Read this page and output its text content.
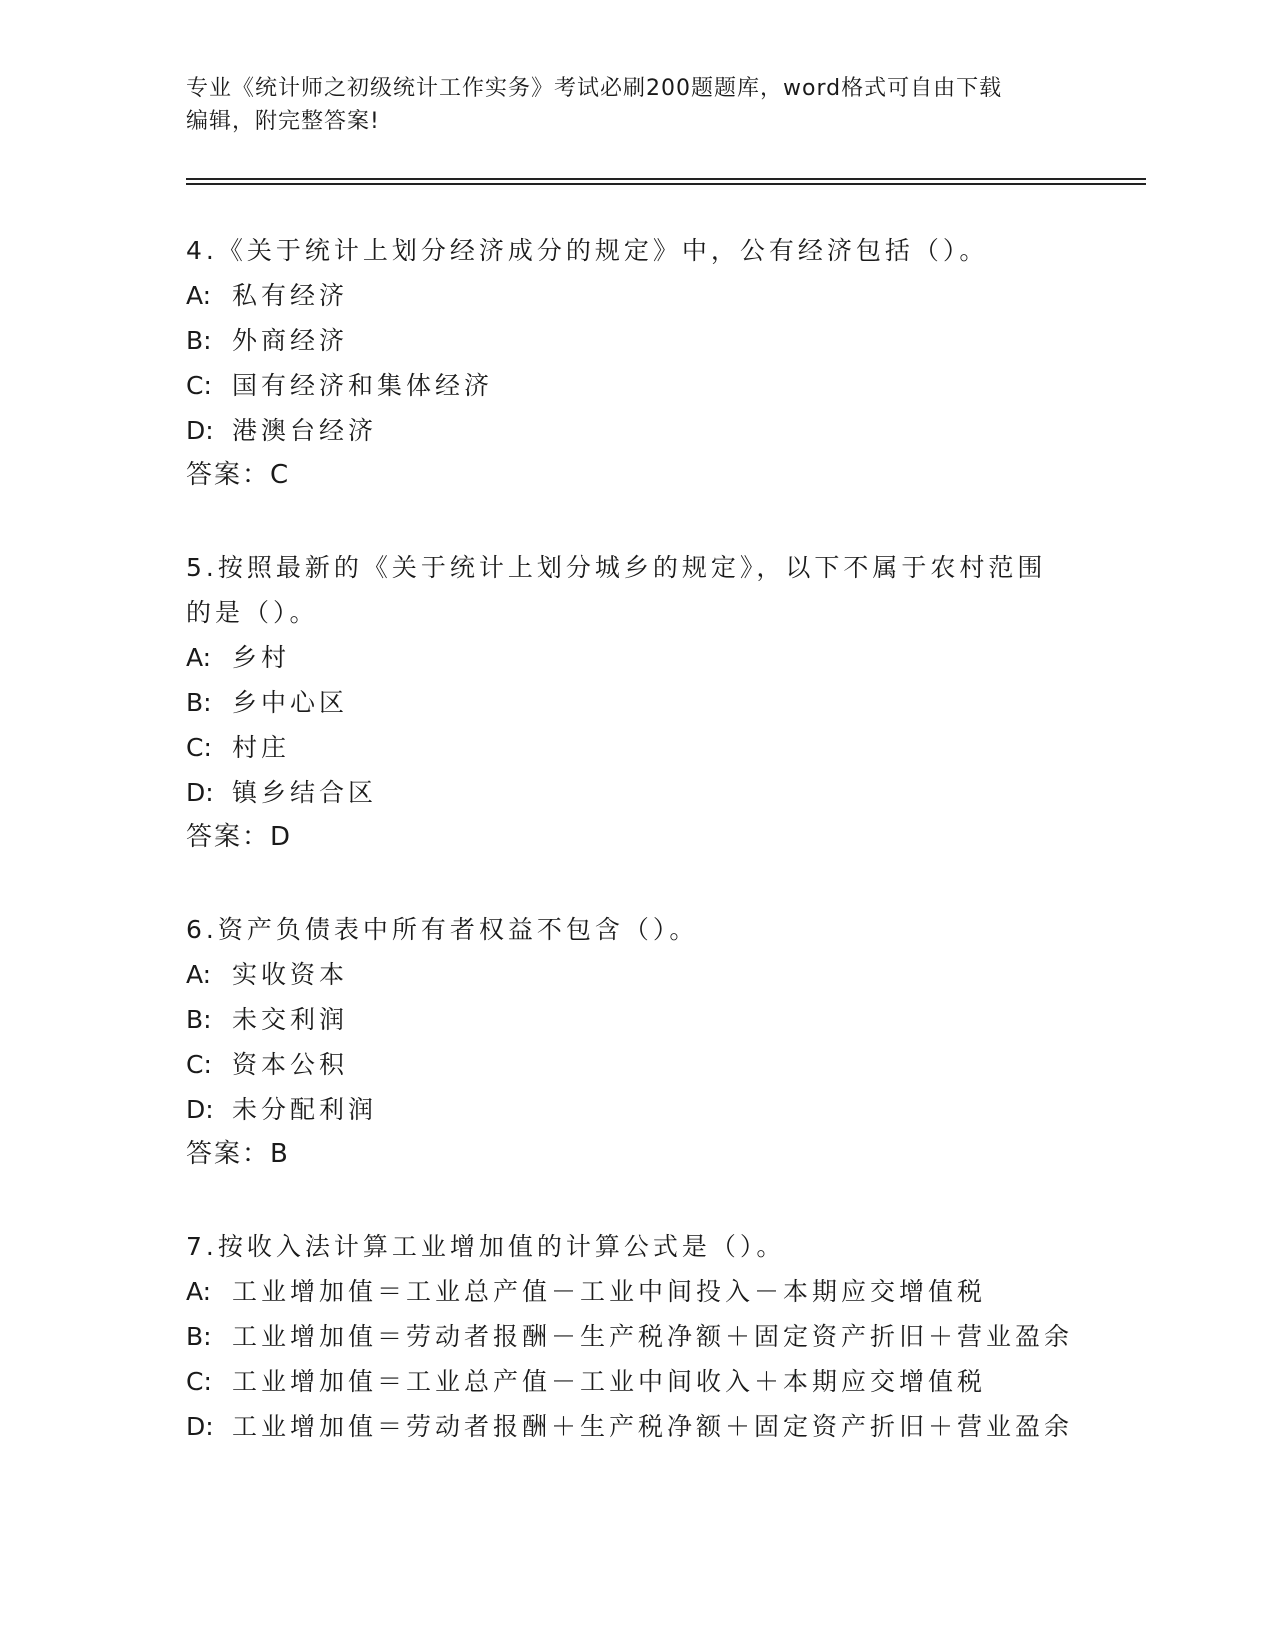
专业《统计师之初级统计工作实务》考试必刷200题题库，word格式可自由下载
编辑，附完整答案!
4.《关于统计上划分经济成分的规定》中，公有经济包括（）。
A: 私有经济
B: 外商经济
C: 国有经济和集体经济
D: 港澳台经济
答案：C
5.按照最新的《关于统计上划分城乡的规定》，以下不属于农村范围
的是（）。
A: 乡村
B: 乡中心区
C: 村庄
D: 镇乡结合区
答案：D
6.资产负债表中所有者权益不包含（）。
A: 实收资本
B: 未交利润
C: 资本公积
D: 未分配利润
答案：B
7.按收入法计算工业增加值的计算公式是（）。
A: 工业增加值＝工业总产值－工业中间投入－本期应交增值税
B: 工业增加值＝劳动者报酬－生产税净额＋固定资产折旧＋营业盈余
C: 工业增加值＝工业总产值－工业中间收入＋本期应交增值税
D: 工业增加值＝劳动者报酬＋生产税净额＋固定资产折旧＋营业盈余
